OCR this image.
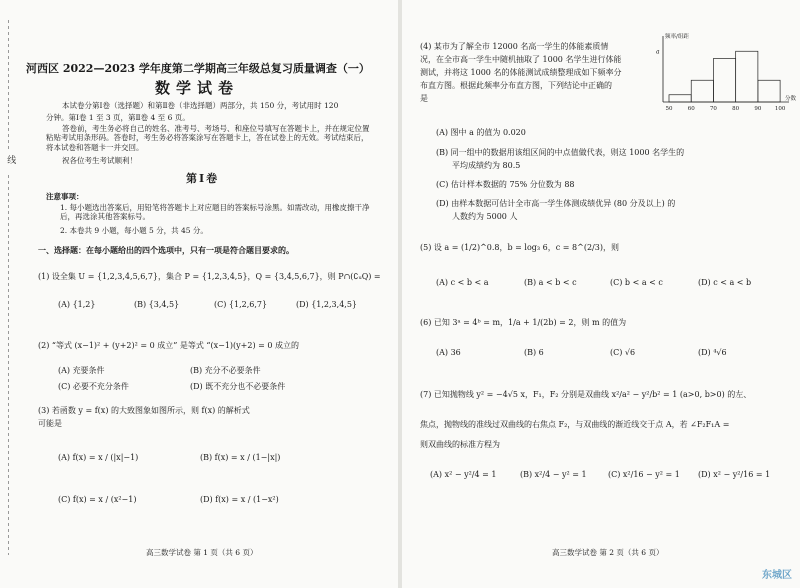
线
河西区 2022—2023 学年度第二学期高三年级总复习质量调查（一）
数学试卷
本试卷分第Ⅰ卷（选择题）和第Ⅱ卷（非选择题）两部分，共 150 分，考试用时 120
分钟。第Ⅰ卷 1 至 3 页，第Ⅱ卷 4 至 6 页。
答卷前，考生务必将自己的姓名、准考号、考场号、和座位号填写在答题卡上，并在规定位置粘贴考试用条形码。答卷时，考生务必将答案涂写在答题卡上，答在试卷上的无效。考试结束后，将本试卷和答题卡一并交回。
祝各位考生考试顺利！
第Ⅰ卷
注意事项：
1. 每小题选出答案后，用铅笔将答题卡上对应题目的答案标号涂黑。如需改动，用橡皮擦干净后，再选涂其他答案标号。
2. 本卷共 9 小题，每小题 5 分，共 45 分。
一、选择题：在每小题给出的四个选项中，只有一项是符合题目要求的。
(1) 设全集 U = {1,2,3,4,5,6,7}，集合 P = {1,2,3,4,5}，Q = {3,4,5,6,7}，则 P∩(∁ᵤQ) =
(A) {1,2}	(B) {3,4,5}	(C) {1,2,6,7}	(D) {1,2,3,4,5}
(2) “等式 (x−1)² + (y+2)² = 0 成立” 是等式 “(x−1)(y+2) = 0 成立的
(A) 充要条件	(B) 充分不必要条件
(C) 必要不充分条件	(D) 既不充分也不必要条件
(3) 若函数 y = f(x) 的大致图象如图所示，则 f(x) 的解析式
可能是
(A) f(x) = x / (|x|−1)	(B) f(x) = x / (1−|x|)
(C) f(x) = x / (x²−1)	(D) f(x) = x / (1−x²)
高三数学试卷 第 1 页（共 6 页）
(4) 某市为了解全市 12000 名高一学生的体能素质情
况，在全市高一学生中随机抽取了 1000 名学生进行体能
测试，并将这 1000 名的体能测试成绩整理成如下频率分
布直方图。根据此频率分布直方图，下列结论中正确的
是
50	60	70	80	90 100
频率/组距
分数
a
(A) 图中 a 的值为 0.020
(B) 同一组中的数据用该组区间的中点值做代表，则这 1000 名学生的
平均成绩约为 80.5
(C) 估计样本数据的 75% 分位数为 88
(D) 由样本数据可估计全市高一学生体测成绩优异 (80 分及以上) 的
人数约为 5000 人
(5) 设 a = (1/2)^0.8，b = log₃ 6，c = 8^(2/3)，则
(A) c < b < a	(B) a < b < c	(C) b < a < c	(D) c < a < b
(6) 已知 3ᵃ = 4ᵇ = m，1/a + 1/(2b) = 2，则 m 的值为
(A) 36	(B) 6	(C) √6	(D) ⁴√6
(7) 已知抛物线 y² = −4√5 x，F₁，F₂ 分别是双曲线 x²/a² − y²/b² = 1 (a>0, b>0) 的左、
焦点，抛物线的准线过双曲线的右焦点 F₂，与双曲线的渐近线交于点 A，若 ∠F₂F₁A =
则双曲线的标准方程为
(A) x² − y²/4 = 1	(B) x²/4 − y² = 1	(C) x²/16 − y² = 1 (D) x² − y²/16 = 1
高三数学试卷 第 2 页（共 6 页）
东城区
